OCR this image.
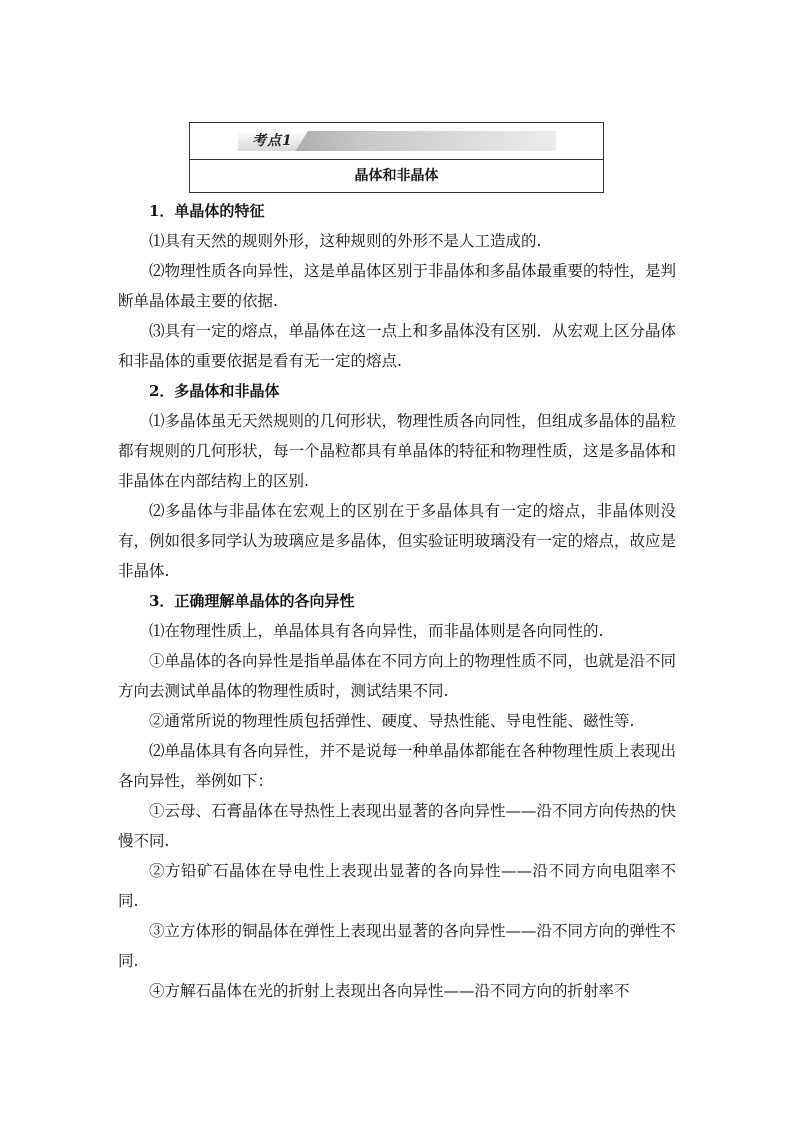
考点1
晶体和非晶体

1．单晶体的特征

⑴具有天然的规则外形，这种规则的外形不是人工造成的.

⑵物理性质各向异性，这是单晶体区别于非晶体和多晶体最重要的特性，是判断单晶体最主要的依据.

⑶具有一定的熔点，单晶体在这一点上和多晶体没有区别．从宏观上区分晶体和非晶体的重要依据是看有无一定的熔点.

2．多晶体和非晶体

⑴多晶体虽无天然规则的几何形状，物理性质各向同性，但组成多晶体的晶粒都有规则的几何形状，每一个晶粒都具有单晶体的特征和物理性质，这是多晶体和非晶体在内部结构上的区别.

⑵多晶体与非晶体在宏观上的区别在于多晶体具有一定的熔点，非晶体则没有，例如很多同学认为玻璃应是多晶体，但实验证明玻璃没有一定的熔点，故应是非晶体.

3．正确理解单晶体的各向异性

⑴在物理性质上，单晶体具有各向异性，而非晶体则是各向同性的.

①单晶体的各向异性是指单晶体在不同方向上的物理性质不同，也就是沿不同方向去测试单晶体的物理性质时，测试结果不同.

②通常所说的物理性质包括弹性、硬度、导热性能、导电性能、磁性等.

⑵单晶体具有各向异性，并不是说每一种单晶体都能在各种物理性质上表现出各向异性，举例如下：

①云母、石膏晶体在导热性上表现出显著的各向异性——沿不同方向传热的快慢不同.

②方铅矿石晶体在导电性上表现出显著的各向异性——沿不同方向电阻率不同.

③立方体形的铜晶体在弹性上表现出显著的各向异性——沿不同方向的弹性不同.

④方解石晶体在光的折射上表现出各向异性——沿不同方向的折射率不
